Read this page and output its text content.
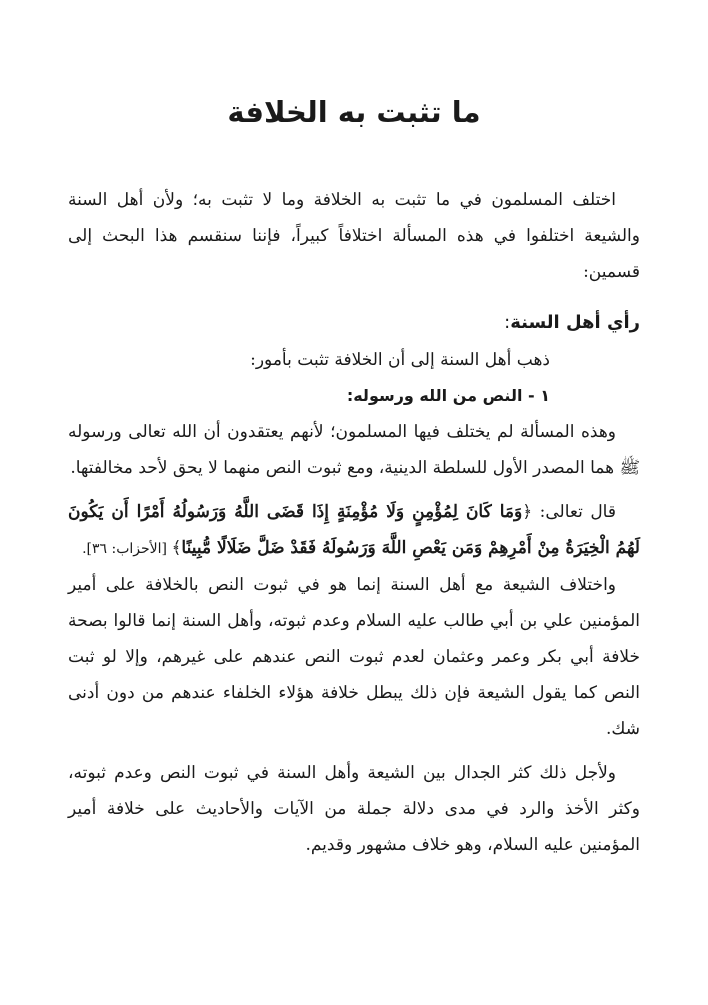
ما تثبت به الخلافة

اختلف المسلمون في ما تثبت به الخلافة وما لا تثبت به؛ ولأن أهل السنة والشيعة اختلفوا في هذه المسألة اختلافاً كبيراً، فإننا سنقسم هذا البحث إلى قسمين:

رأي أهل السنة:

ذهب أهل السنة إلى أن الخلافة تثبت بأمور:

١ - النص من الله ورسوله:

وهذه المسألة لم يختلف فيها المسلمون؛ لأنهم يعتقدون أن الله تعالى ورسوله ﷺ هما المصدر الأول للسلطة الدينية، ومع ثبوت النص منهما لا يحق لأحد مخالفتها.

قال تعالى: ﴿وَمَا كَانَ لِمُؤْمِنٍ وَلَا مُؤْمِنَةٍ إِذَا قَضَى اللَّهُ وَرَسُولُهُ أَمْرًا أَن يَكُونَ لَهُمُ الْخِيَرَةُ مِنْ أَمْرِهِمْ وَمَن يَعْصِ اللَّهَ وَرَسُولَهُ فَقَدْ ضَلَّ ضَلَالًا مُّبِينًا﴾ [الأحزاب: ٣٦].

واختلاف الشيعة مع أهل السنة إنما هو في ثبوت النص بالخلافة على أمير المؤمنين علي بن أبي طالب عليه السلام وعدم ثبوته، وأهل السنة إنما قالوا بصحة خلافة أبي بكر وعمر وعثمان لعدم ثبوت النص عندهم على غيرهم، وإلا لو ثبت النص كما يقول الشيعة فإن ذلك يبطل خلافة هؤلاء الخلفاء عندهم من دون أدنى شك.

ولأجل ذلك كثر الجدال بين الشيعة وأهل السنة في ثبوت النص وعدم ثبوته، وكثر الأخذ والرد في مدى دلالة جملة من الآيات والأحاديث على خلافة أمير المؤمنين عليه السلام، وهو خلاف مشهور وقديم.
